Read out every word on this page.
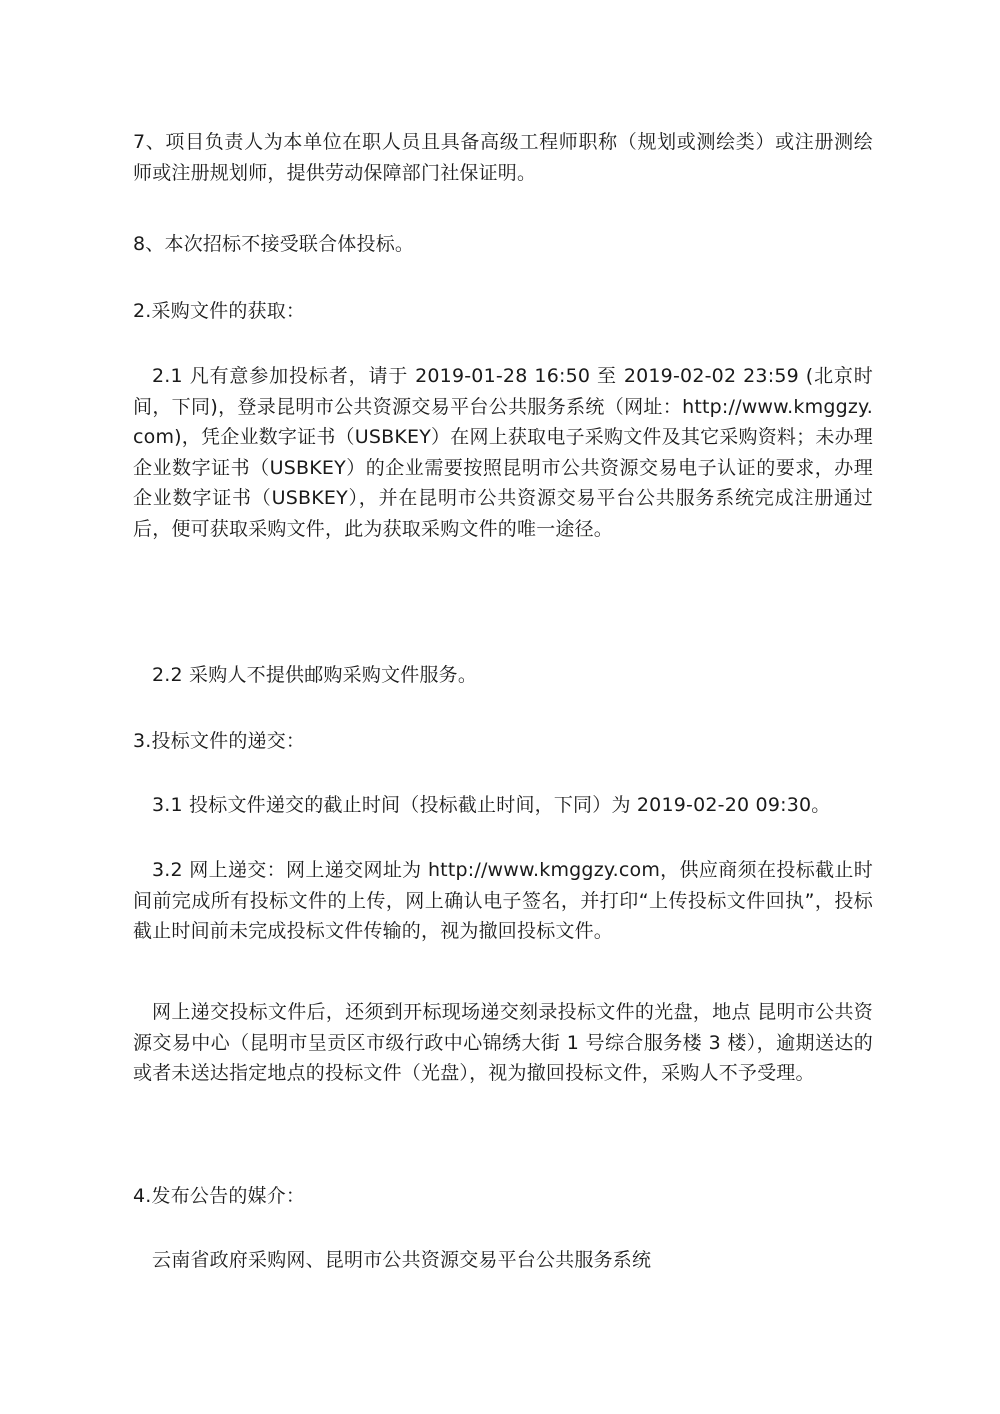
7、项目负责人为本单位在职人员且具备高级工程师职称（规划或测绘类）或注册测绘师或注册规划师，提供劳动保障部门社保证明。

8、本次招标不接受联合体投标。

2.采购文件的获取：

2.1 凡有意参加投标者，请于 2019-01-28 16:50 至 2019-02-02 23:59 (北京时间，下同)，登录昆明市公共资源交易平台公共服务系统（网址：http://www.kmggzy.com)，凭企业数字证书（USBKEY）在网上获取电子采购文件及其它采购资料；未办理企业数字证书（USBKEY）的企业需要按照昆明市公共资源交易电子认证的要求，办理企业数字证书（USBKEY），并在昆明市公共资源交易平台公共服务系统完成注册通过后，便可获取采购文件，此为获取采购文件的唯一途径。

2.2 采购人不提供邮购采购文件服务。

3.投标文件的递交：

3.1 投标文件递交的截止时间（投标截止时间，下同）为 2019-02-20 09:30。

3.2 网上递交：网上递交网址为 http://www.kmggzy.com，供应商须在投标截止时间前完成所有投标文件的上传，网上确认电子签名，并打印“上传投标文件回执”，投标截止时间前未完成投标文件传输的，视为撤回投标文件。

网上递交投标文件后，还须到开标现场递交刻录投标文件的光盘，地点 昆明市公共资源交易中心（昆明市呈贡区市级行政中心锦绣大街 1 号综合服务楼 3 楼），逾期送达的或者未送达指定地点的投标文件（光盘），视为撤回投标文件，采购人不予受理。

4.发布公告的媒介：

云南省政府采购网、昆明市公共资源交易平台公共服务系统
